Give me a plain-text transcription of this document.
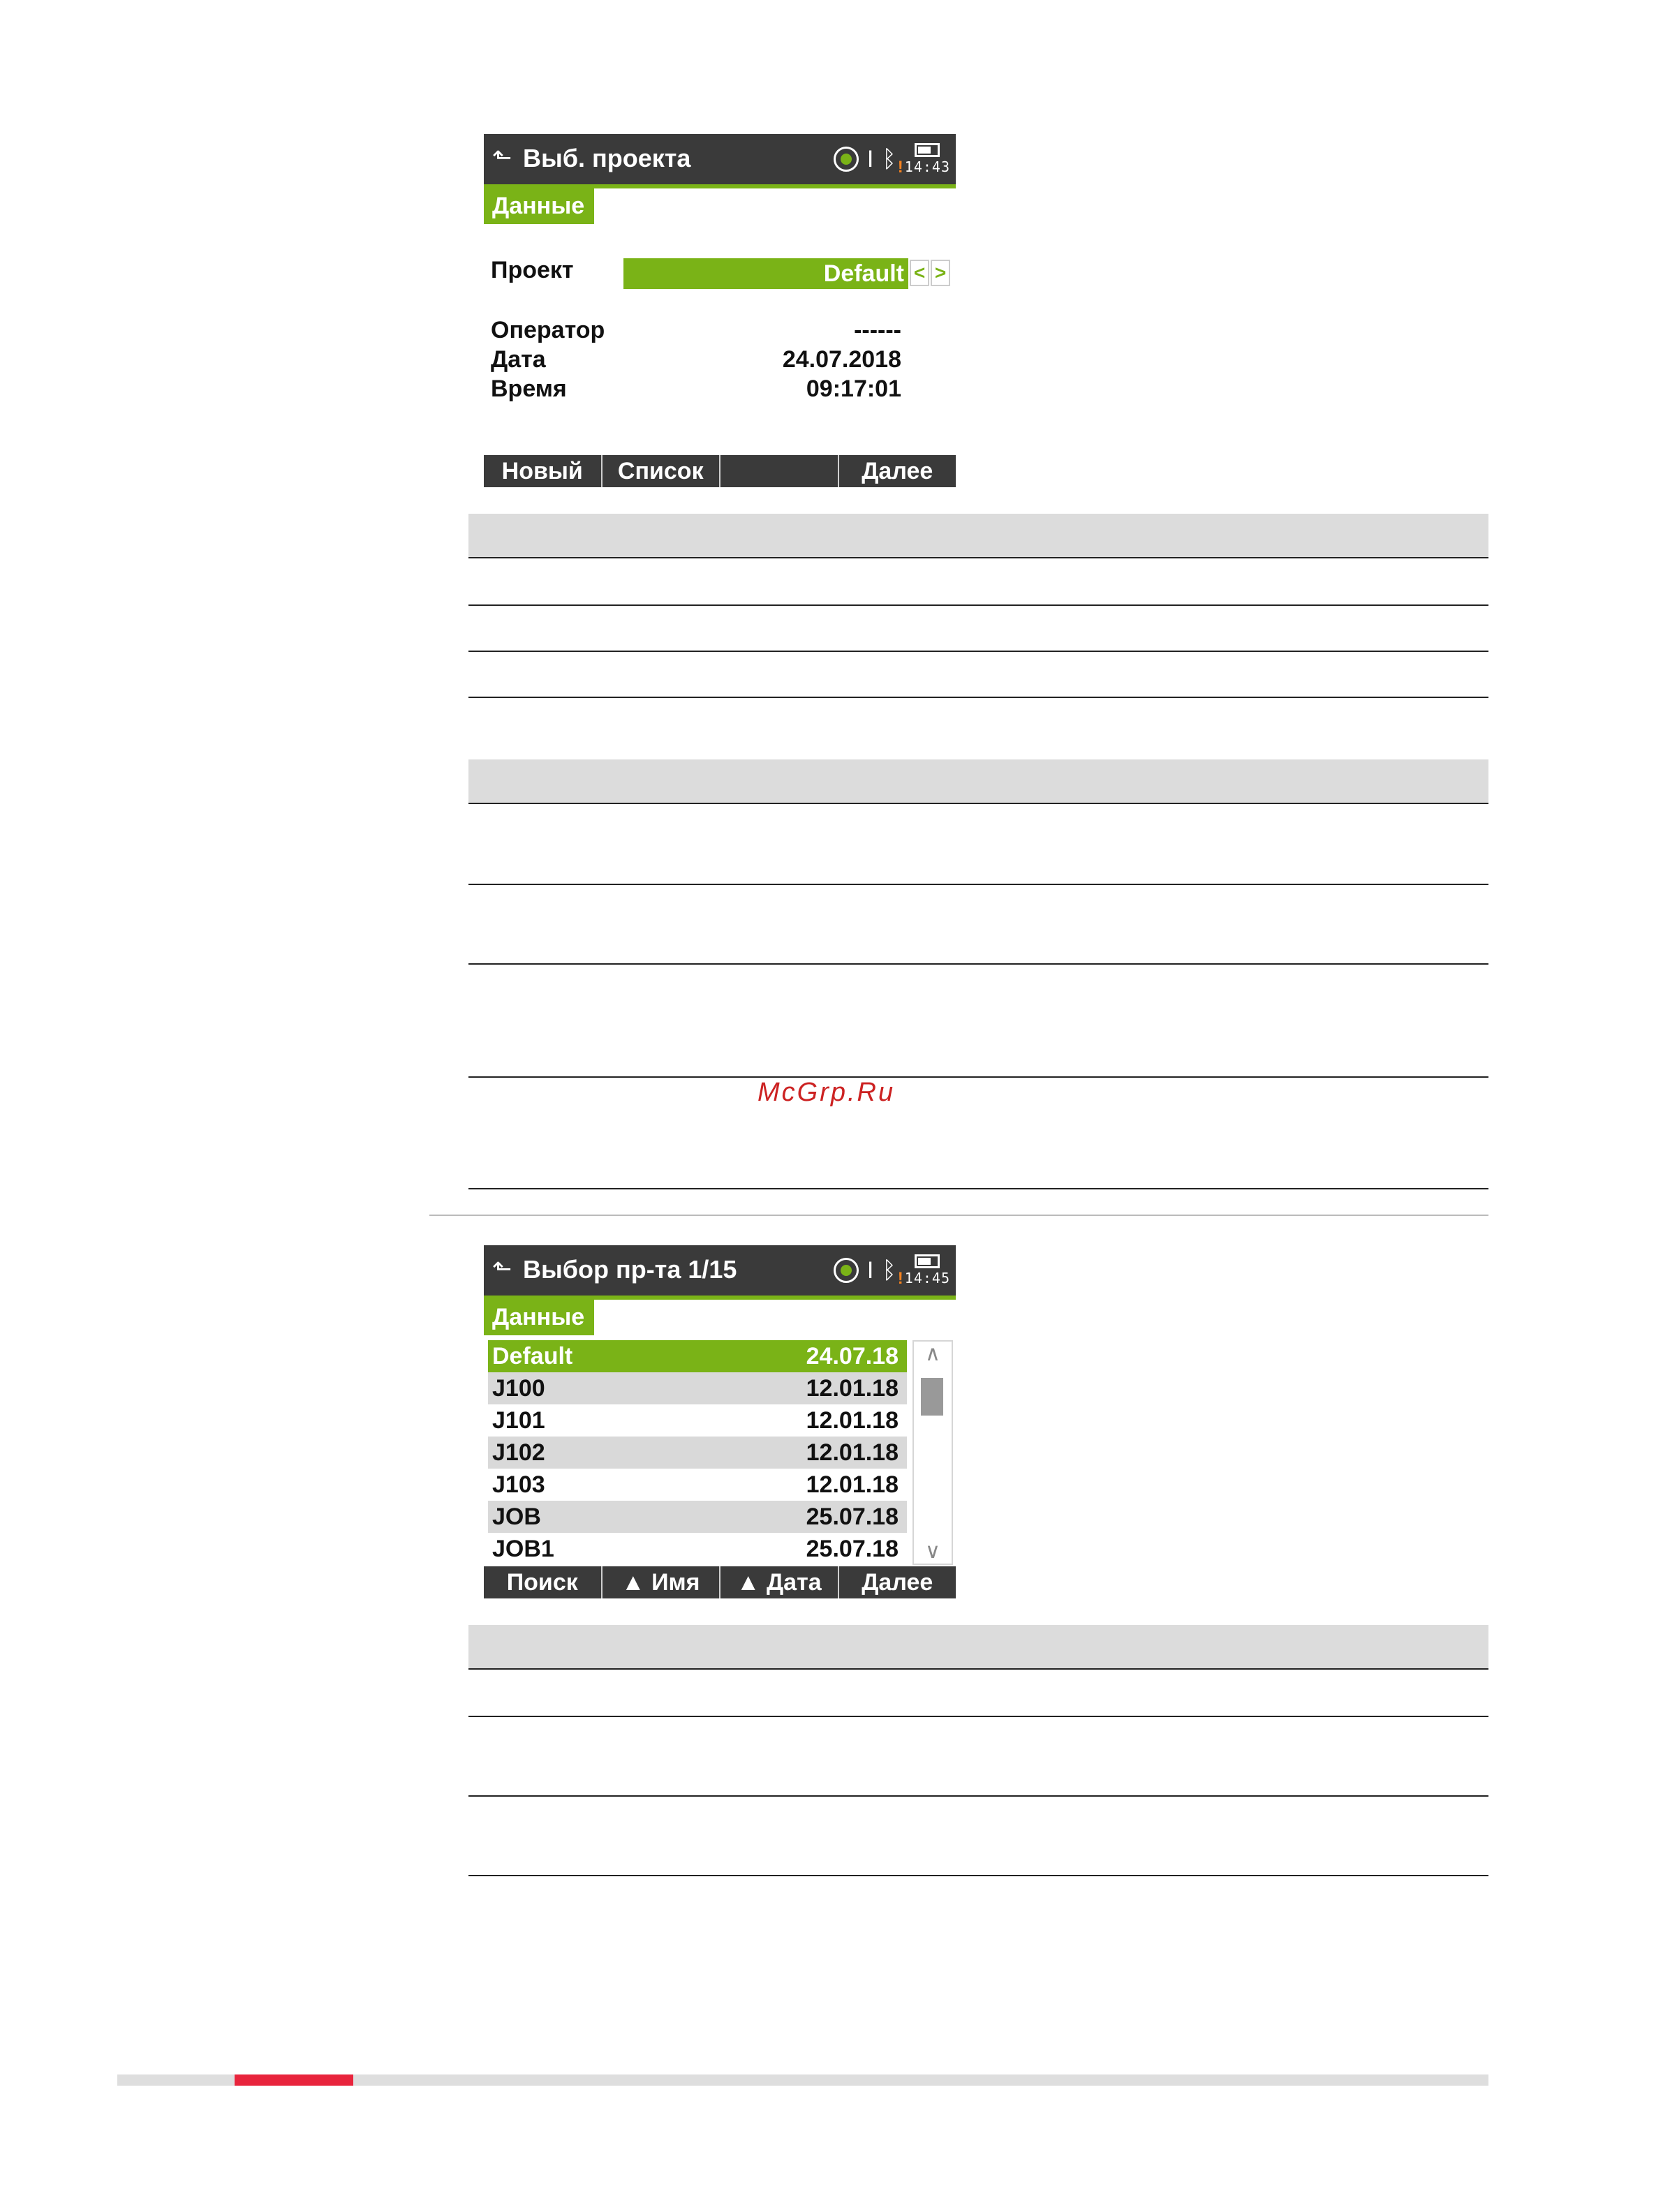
⬑ Выб. проекта	I ᛒ ! 14:43
Данные
Проект	Default < >
Оператор	------
Дата	24.07.2018
Время	09:17:01
Новый	Список	Далее
McGrp.Ru
⬑ Выбор пр-та 1/15	I ᛒ ! 14:45
Данные
Default	24.07.18
J100	12.01.18
J101	12.01.18
J102	12.01.18
J103	12.01.18
JOB	25.07.18
JOB1	25.07.18
∧
∨
Поиск	▲ Имя	▲ Дата	Далее
